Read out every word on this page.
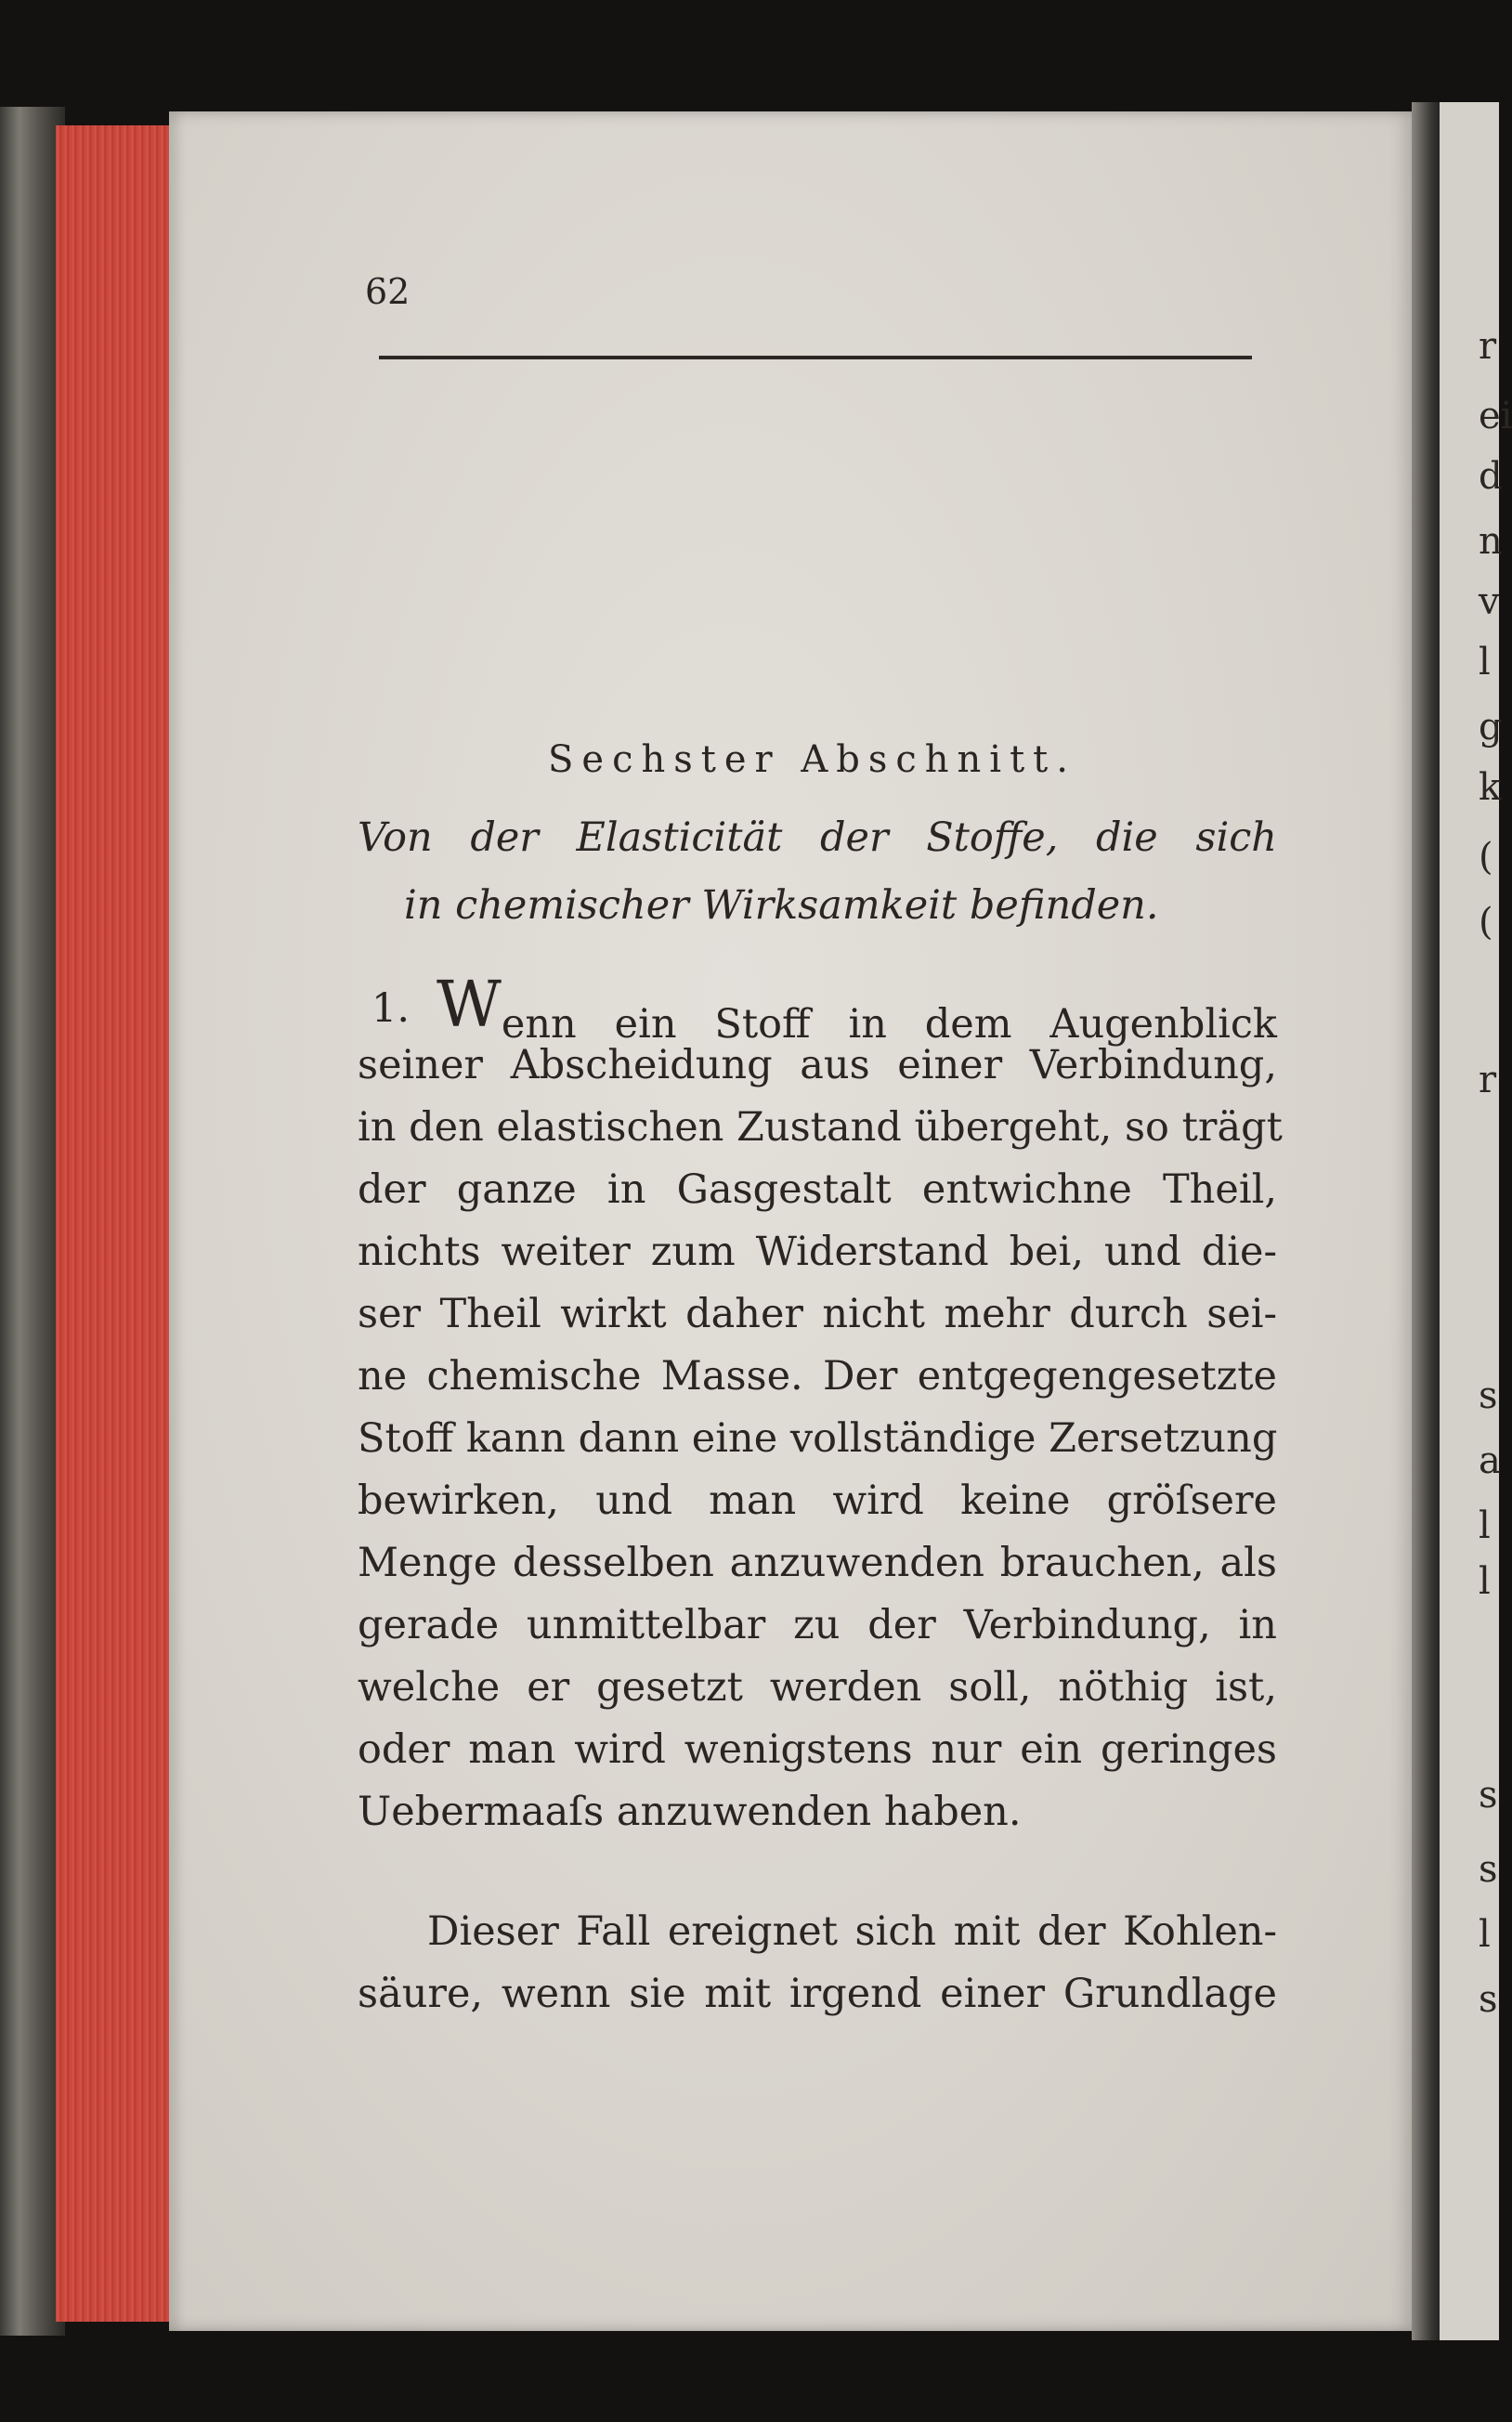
r
ei
d
n
v
l
g
k
(
(
r
s
a
l
l
s
s
l
s
62
Sechster Abschnitt.
Von der Elasticität der Stoffe, die sich
in chemischer Wirksamkeit befinden.
1. Wenn ein Stoff in dem Augenblick
seiner Abscheidung aus einer Verbindung,
in den elastischen Zustand übergeht, so trägt
der ganze in Gasgestalt entwichne Theil,
nichts weiter zum Widerstand bei, und die-
ser Theil wirkt daher nicht mehr durch sei-
ne chemische Masse. Der entgegengesetzte
Stoff kann dann eine vollständige Zersetzung
bewirken, und man wird keine gröſsere
Menge desselben anzuwenden brauchen, als
gerade unmittelbar zu der Verbindung, in
welche er gesetzt werden soll, nöthig ist,
oder man wird wenigstens nur ein geringes
Uebermaaſs anzuwenden haben.
Dieser Fall ereignet sich mit der Kohlen-
säure, wenn sie mit irgend einer Grundlage
